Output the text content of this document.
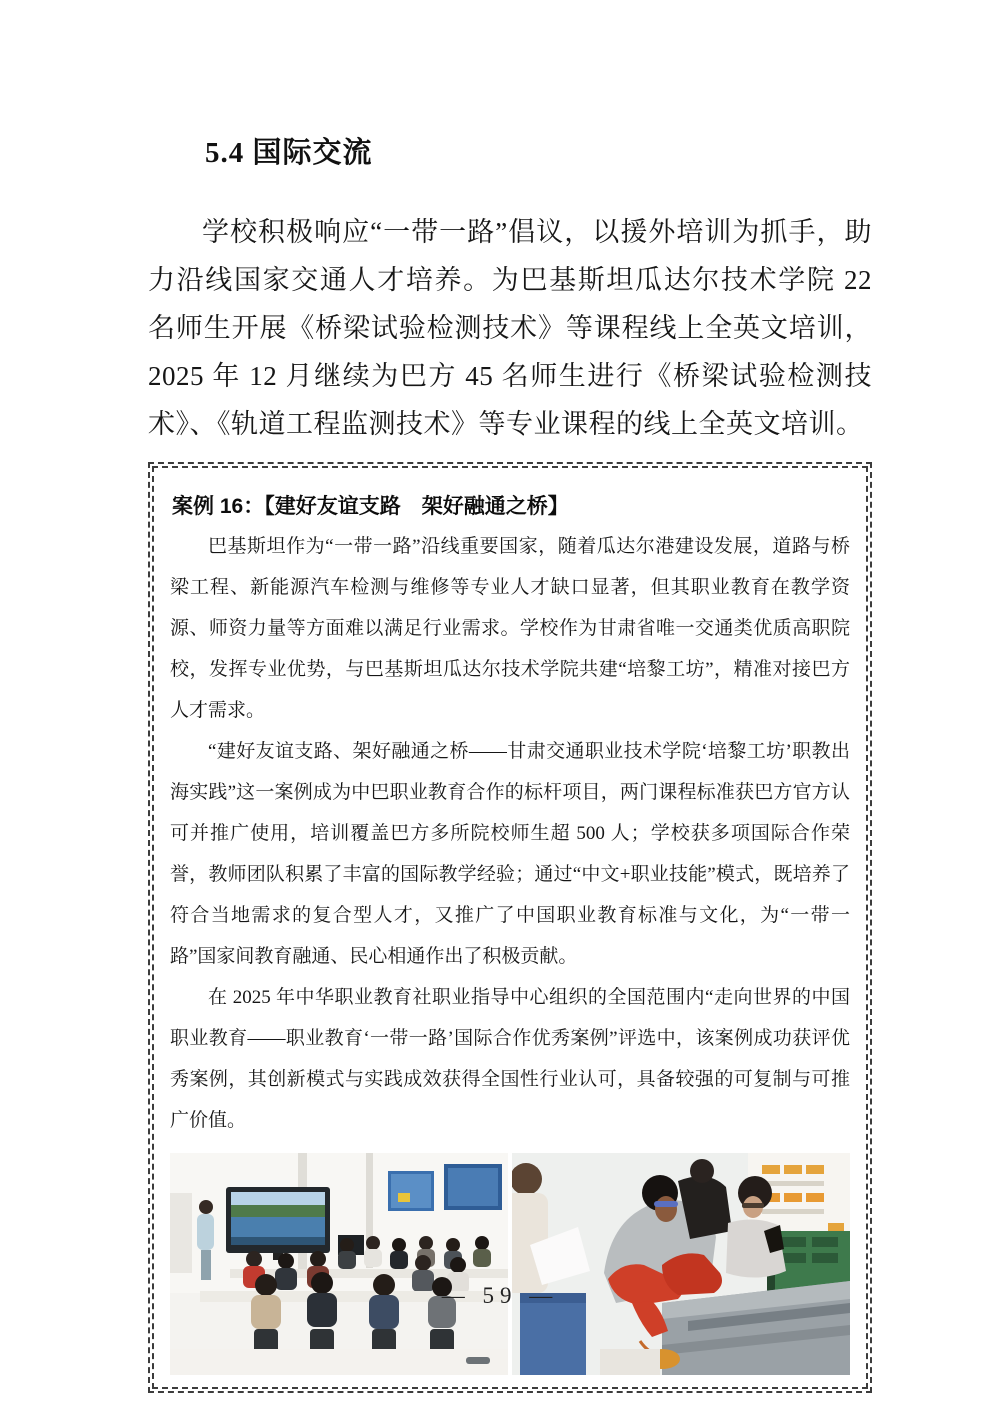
5.4 国际交流

学校积极响应“一带一路”倡议，以援外培训为抓手，助力沿线国家交通人才培养。为巴基斯坦瓜达尔技术学院 22 名师生开展《桥梁试验检测技术》等课程线上全英文培训，2025 年 12 月继续为巴方 45 名师生进行《桥梁试验检测技术》、《轨道工程监测技术》等专业课程的线上全英文培训。

案例 16：【建好友谊支路　架好融通之桥】

巴基斯坦作为“一带一路”沿线重要国家，随着瓜达尔港建设发展，道路与桥梁工程、新能源汽车检测与维修等专业人才缺口显著，但其职业教育在教学资源、师资力量等方面难以满足行业需求。学校作为甘肃省唯一交通类优质高职院校，发挥专业优势，与巴基斯坦瓜达尔技术学院共建“培黎工坊”，精准对接巴方人才需求。

“建好友谊支路、架好融通之桥——甘肃交通职业技术学院‘培黎工坊’职教出海实践”这一案例成为中巴职业教育合作的标杆项目，两门课程标准获巴方官方认可并推广使用，培训覆盖巴方多所院校师生超 500 人；学校获多项国际合作荣誉，教师团队积累了丰富的国际教学经验；通过“中文+职业技能”模式，既培养了符合当地需求的复合型人才，又推广了中国职业教育标准与文化，为“一带一路”国家间教育融通、民心相通作出了积极贡献。

在 2025 年中华职业教育社职业指导中心组织的全国范围内“走向世界的中国职业教育——职业教育‘一带一路’国际合作优秀案例”评选中，该案例成功获评优秀案例，其创新模式与实践成效获得全国性行业认可，具备较强的可复制与可推广价值。

— 59 —
